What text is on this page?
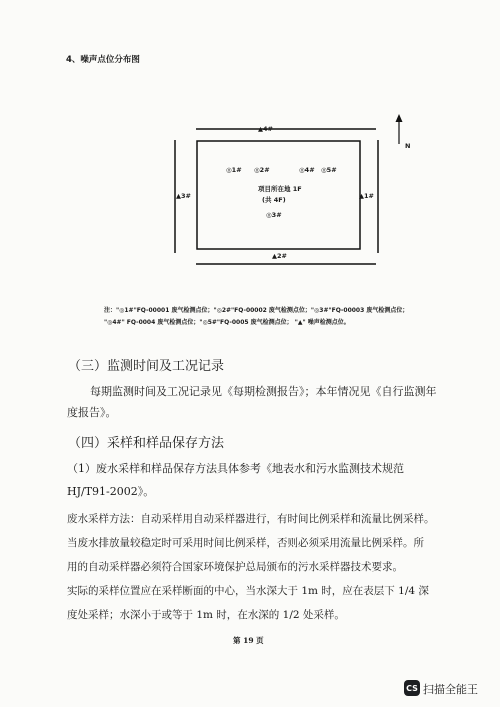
4、噪声点位分布图
N
▲4#
▲2#
▲3#	▲1#
◎1# ◎2#	◎4# ◎5#
◎3#
项目所在地 1F
(共 4F)
注："◎1#"FQ-00001 废气检测点位；"◎2#"FQ-00002 废气检测点位；"◎3#"FQ-00003 废气检测点位；
"◎4#" FQ-0004 废气检测点位；"◎5#"FQ-0005 废气检测点位； "▲" 噪声检测点位。
（三）监测时间及工况记录
每期监测时间及工况记录见《每期检测报告》；本年情况见《自行监测年
度报告》。
（四）采样和样品保存方法
（1）废水采样和样品保存方法具体参考《地表水和污水监测技术规范
HJ/T91-2002》。
废水采样方法：自动采样用自动采样器进行，有时间比例采样和流量比例采样。
当废水排放量较稳定时可采用时间比例采样，否则必须采用流量比例采样。所
用的自动采样器必须符合国家环境保护总局颁布的污水采样器技术要求。
实际的采样位置应在采样断面的中心，当水深大于 1m 时，应在表层下 1/4 深
度处采样；水深小于或等于 1m 时，在水深的 1/2 处采样。
第 19 页
CS 扫描全能王
